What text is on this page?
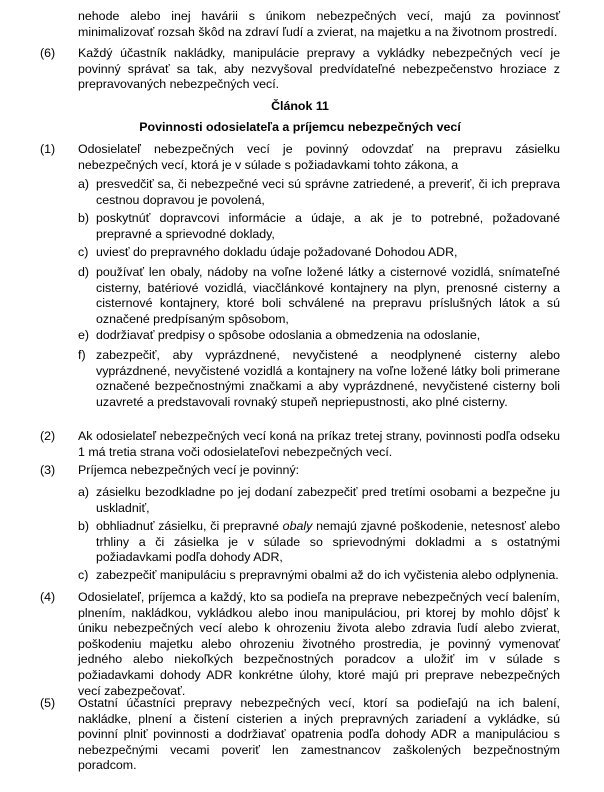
nehode alebo inej havárii s únikom nebezpečných vecí, majú za povinnosť minimalizovať rozsah škôd na zdraví ľudí a zvierat, na majetku a na životnom prostredí.
(6)	Každý účastník nakládky, manipulácie prepravy a vykládky nebezpečných vecí je povinný správať sa tak, aby nezvyšoval predvídateľné nebezpečenstvo hroziace z prepravovaných nebezpečných vecí.
Článok 11
Povinnosti odosielateľa a príjemcu nebezpečných vecí
(1)	Odosielateľ nebezpečných vecí je povinný odovzdať na prepravu zásielku nebezpečných vecí, ktorá je v súlade s požiadavkami tohto zákona, a
a) presvedčiť sa, či nebezpečné veci sú správne zatriedené, a preveriť, či ich preprava cestnou dopravou je povolená,
b) poskytnúť dopravcovi informácie a údaje, a ak je to potrebné, požadované prepravné a sprievodné doklady,
c) uviesť do prepravného dokladu údaje požadované Dohodou ADR,
d) používať len obaly, nádoby na voľne ložené látky a cisternové vozidlá, snímateľné cisterny, batériové vozidlá, viacčlánkové kontajnery na plyn, prenosné cisterny a cisternové kontajnery, ktoré boli schválené na prepravu príslušných látok a sú označené predpísaným spôsobom,
e) dodržiavať predpisy o spôsobe odoslania a obmedzenia na odoslanie,
f) zabezpečiť, aby vyprázdnené, nevyčistené a neodplynené cisterny alebo vyprázdnené, nevyčistené vozidlá a kontajnery na voľne ložené látky boli primerane označené bezpečnostnými značkami a aby vyprázdnené, nevyčistené cisterny boli uzavreté a predstavovali rovnaký stupeň nepriepustnosti, ako plné cisterny.
(2)	Ak odosielateľ nebezpečných vecí koná na príkaz tretej strany, povinnosti podľa odseku 1 má tretia strana voči odosielateľovi nebezpečných vecí.
(3)	Príjemca nebezpečných vecí je povinný:
a) zásielku bezodkladne po jej dodaní zabezpečiť pred tretími osobami a bezpečne ju uskladniť,
b) obhliadnuť zásielku, či prepravné obaly nemajú zjavné poškodenie, netesnosť alebo trhliny a či zásielka je v súlade so sprievodnými dokladmi a s ostatnými požiadavkami podľa dohody ADR,
c) zabezpečiť manipuláciu s prepravnými obalmi až do ich vyčistenia alebo odplynenia.
(4)	Odosielateľ, príjemca a každý, kto sa podieľa na preprave nebezpečných vecí balením, plnením, nakládkou, vykládkou alebo inou manipuláciou, pri ktorej by mohlo dôjsť k úniku nebezpečných vecí alebo k ohrozeniu života alebo zdravia ľudí alebo zvierat, poškodeniu majetku alebo ohrozeniu životného prostredia, je povinný vymenovať jedného alebo niekoľkých bezpečnostných poradcov a uložiť im v súlade s požiadavkami dohody ADR konkrétne úlohy, ktoré majú pri preprave nebezpečných vecí zabezpečovať.
(5)	Ostatní účastníci prepravy nebezpečných vecí, ktorí sa podieľajú na ich balení, nakládke, plnení a čistení cisterien a iných prepravných zariadení a vykládke, sú povinní plniť povinnosti a dodržiavať opatrenia podľa dohody ADR a manipuláciou s nebezpečnými vecami poveriť len zamestnancov zaškolených bezpečnostným poradcom.
